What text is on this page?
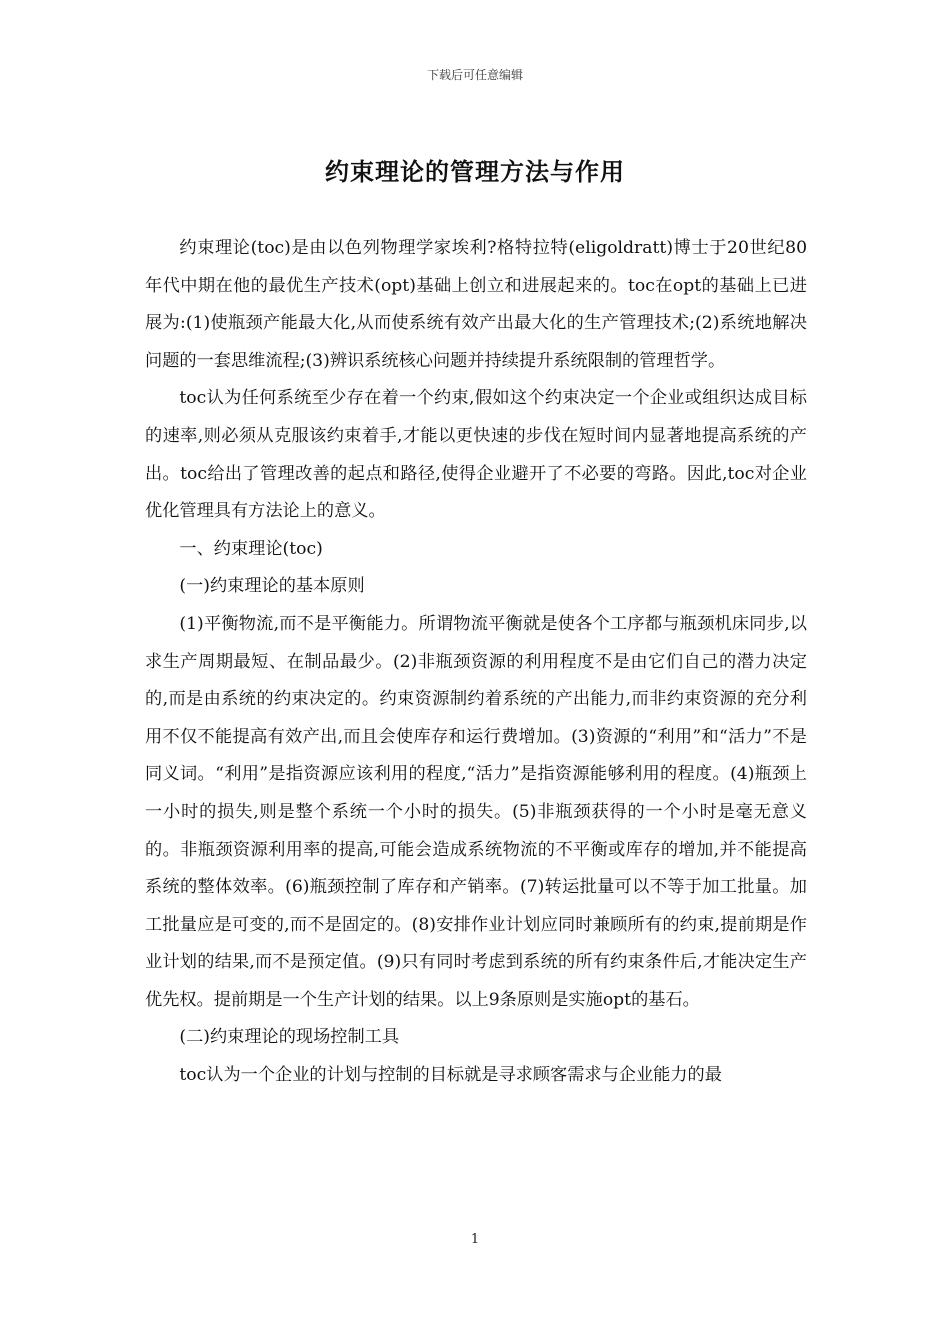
下载后可任意编辑
约束理论的管理方法与作用

约束理论(toc)是由以色列物理学家埃利?格特拉特(eligoldratt)博士于20世纪80年代中期在他的最优生产技术(opt)基础上创立和进展起来的。toc在opt的基础上已进展为:(1)使瓶颈产能最大化,从而使系统有效产出最大化的生产管理技术;(2)系统地解决问题的一套思维流程;(3)辨识系统核心问题并持续提升系统限制的管理哲学。

toc认为任何系统至少存在着一个约束,假如这个约束决定一个企业或组织达成目标的速率,则必须从克服该约束着手,才能以更快速的步伐在短时间内显著地提高系统的产出。toc给出了管理改善的起点和路径,使得企业避开了不必要的弯路。因此,toc对企业优化管理具有方法论上的意义。

一、约束理论(toc)

(一)约束理论的基本原则

(1)平衡物流,而不是平衡能力。所谓物流平衡就是使各个工序都与瓶颈机床同步,以求生产周期最短、在制品最少。(2)非瓶颈资源的利用程度不是由它们自己的潜力决定的,而是由系统的约束决定的。约束资源制约着系统的产出能力,而非约束资源的充分利用不仅不能提高有效产出,而且会使库存和运行费增加。(3)资源的“利用”和“活力”不是同义词。“利用”是指资源应该利用的程度,“活力”是指资源能够利用的程度。(4)瓶颈上一小时的损失,则是整个系统一个小时的损失。(5)非瓶颈获得的一个小时是毫无意义的。非瓶颈资源利用率的提高,可能会造成系统物流的不平衡或库存的增加,并不能提高系统的整体效率。(6)瓶颈控制了库存和产销率。(7)转运批量可以不等于加工批量。加工批量应是可变的,而不是固定的。(8)安排作业计划应同时兼顾所有的约束,提前期是作业计划的结果,而不是预定值。(9)只有同时考虑到系统的所有约束条件后,才能决定生产优先权。提前期是一个生产计划的结果。以上9条原则是实施opt的基石。

(二)约束理论的现场控制工具

toc认为一个企业的计划与控制的目标就是寻求顾客需求与企业能力的最

1
